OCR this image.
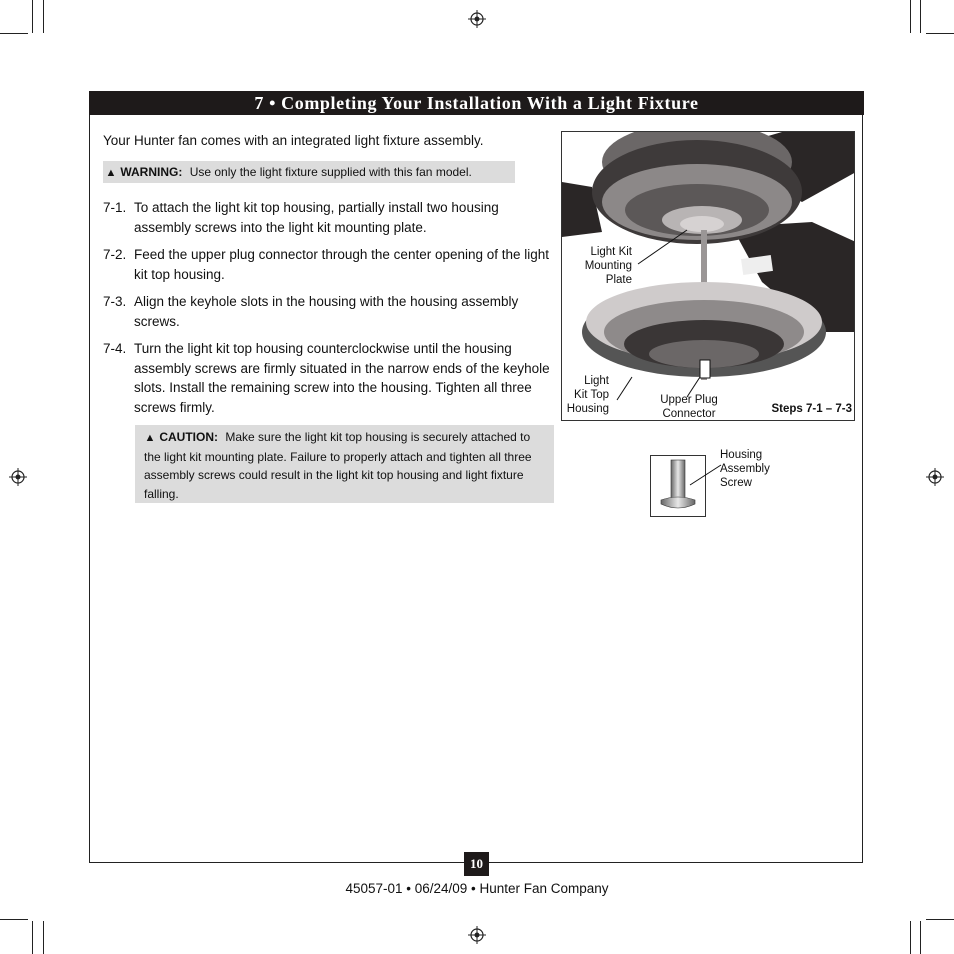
7 • Completing Your Installation With a Light Fixture
Your Hunter fan comes with an integrated light fixture assembly.
▲ WARNING: Use only the light fixture supplied with this fan model.
7-1. To attach the light kit top housing, partially install two housing assembly screws into the light kit mounting plate.
7-2. Feed the upper plug connector through the center opening of the light kit top housing.
7-3. Align the keyhole slots in the housing with the housing assembly screws.
7-4. Turn the light kit top housing counterclockwise until the housing assembly screws are firmly situated in the narrow ends of the keyhole slots. Install the remaining screw into the housing. Tighten all three screws firmly.
▲ CAUTION: Make sure the light kit top housing is securely attached to the light kit mounting plate. Failure to properly attach and tighten all three assembly screws could result in the light kit top housing and light fixture falling.
Light Kit
Mounting
Plate
Light
Kit Top
Housing
Upper Plug
Connector	Steps 7-1 – 7-3
Housing
Assembly
Screw
10
45057-01 • 06/24/09 • Hunter Fan Company
